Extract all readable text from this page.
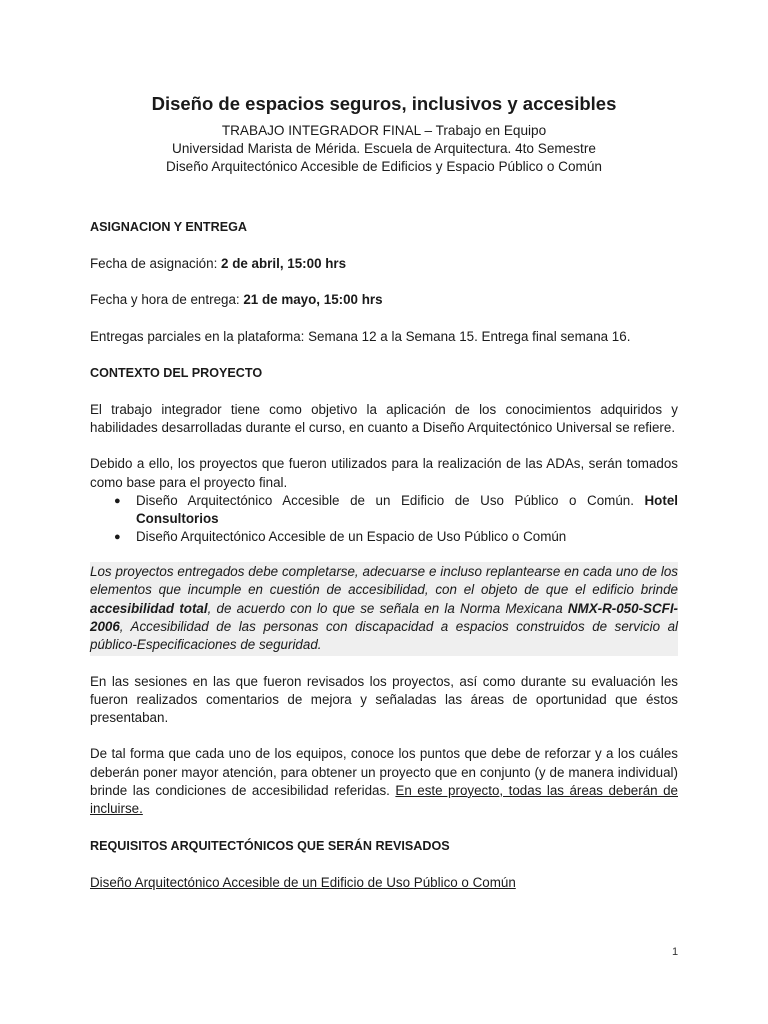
Diseño de espacios seguros, inclusivos y accesibles

TRABAJO INTEGRADOR FINAL – Trabajo en Equipo

Universidad Marista de Mérida. Escuela de Arquitectura. 4to Semestre

Diseño Arquitectónico Accesible de Edificios y Espacio Público o Común

ASIGNACION Y ENTREGA

Fecha de asignación: 2 de abril, 15:00 hrs

Fecha y hora de entrega: 21 de mayo, 15:00 hrs

Entregas parciales en la plataforma: Semana 12 a la Semana 15. Entrega final semana 16.

CONTEXTO DEL PROYECTO

El trabajo integrador tiene como objetivo la aplicación de los conocimientos adquiridos y habilidades desarrolladas durante el curso, en cuanto a Diseño Arquitectónico Universal se refiere.

Debido a ello, los proyectos que fueron utilizados para la realización de las ADAs, serán tomados como base para el proyecto final.

● Diseño Arquitectónico Accesible de un Edificio de Uso Público o Común. Hotel Consultorios
● Diseño Arquitectónico Accesible de un Espacio de Uso Público o Común

Los proyectos entregados debe completarse, adecuarse e incluso replantearse en cada uno de los elementos que incumple en cuestión de accesibilidad, con el objeto de que el edificio brinde accesibilidad total, de acuerdo con lo que se señala en la Norma Mexicana NMX-R-050-SCFI-2006, Accesibilidad de las personas con discapacidad a espacios construidos de servicio al público-Especificaciones de seguridad.

En las sesiones en las que fueron revisados los proyectos, así como durante su evaluación les fueron realizados comentarios de mejora y señaladas las áreas de oportunidad que éstos presentaban.

De tal forma que cada uno de los equipos, conoce los puntos que debe de reforzar y a los cuáles deberán poner mayor atención, para obtener un proyecto que en conjunto (y de manera individual) brinde las condiciones de accesibilidad referidas. En este proyecto, todas las áreas deberán de incluirse.

REQUISITOS ARQUITECTÓNICOS QUE SERÁN REVISADOS

Diseño Arquitectónico Accesible de un Edificio de Uso Público o Común

1
